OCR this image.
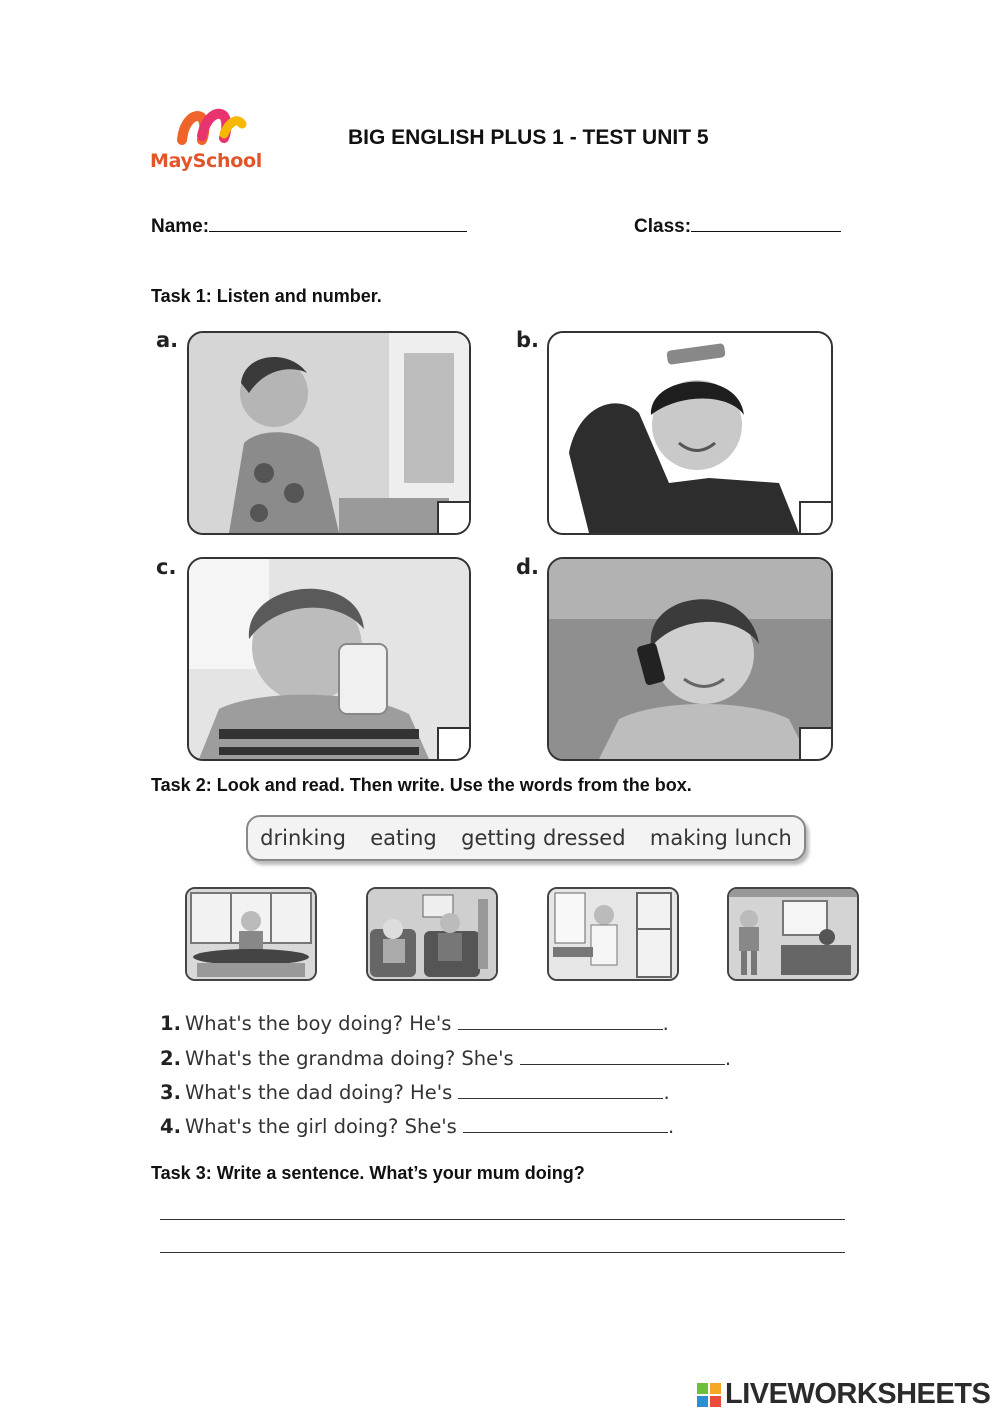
MaySchool
BIG ENGLISH PLUS 1 - TEST UNIT 5
Name:	Class:
Task 1: Listen and number.
a.	b.
c.	d.
Task 2: Look and read. Then write. Use the words from the box.
drinking eating getting dressed making lunch
1. What's the boy doing? He's	.
2. What's the grandma doing? She's	.
3. What's the dad doing? He's	.
4. What's the girl doing? She's	.
Task 3: Write a sentence. What’s your mum doing?
LIVEWORKSHEETS
